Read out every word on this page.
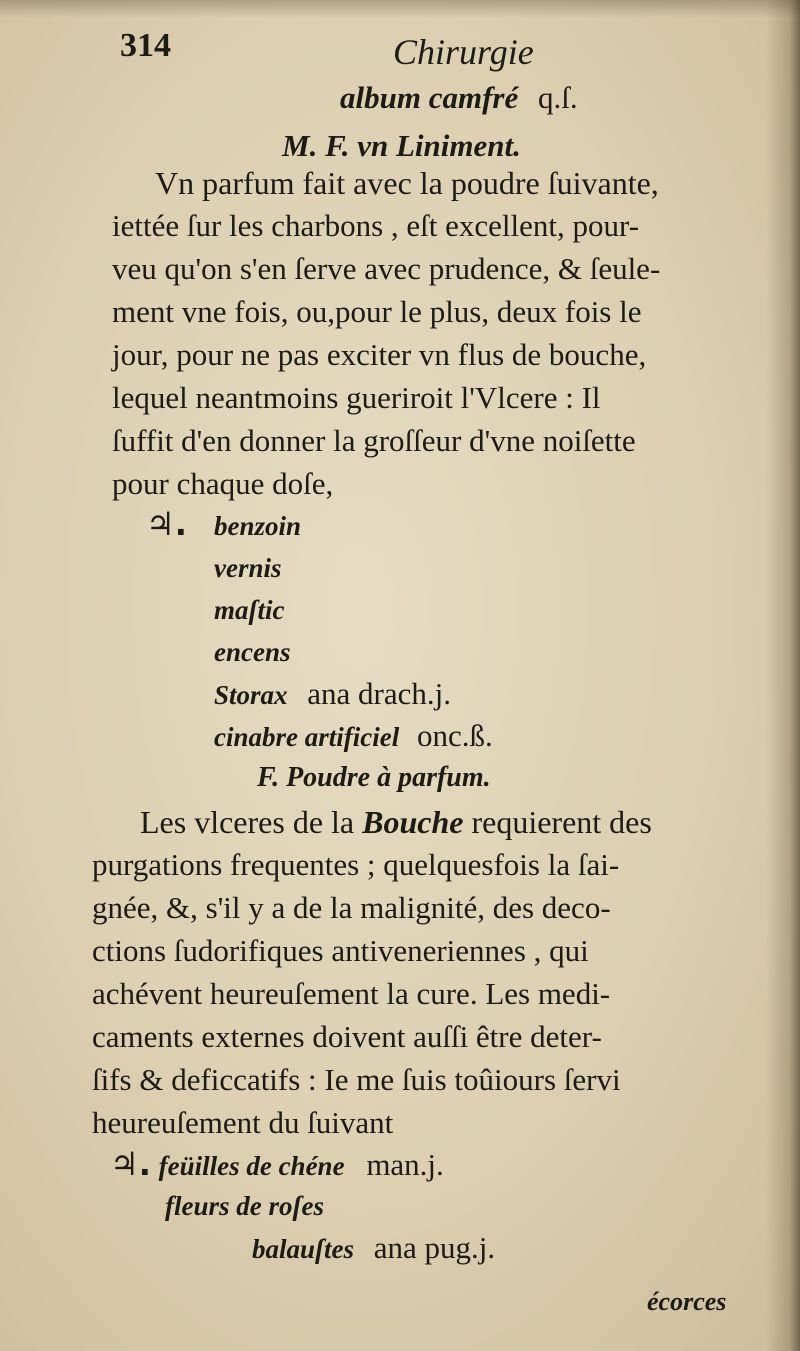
314	Chirurgie
album camfré q.ſ.
M. F. vn Liniment.
Vn parfum fait avec la poudre ſuivante,
iettée ſur les charbons , eſt excellent, pour-
veu qu'on s'en ſerve avec prudence, & ſeule-
ment vne fois, ou,pour le plus, deux fois le
jour, pour ne pas exciter vn flus de bouche,
lequel neantmoins gueriroit l'Vlcere : Il
ſuffit d'en donner la groſſeur d'vne noiſette
pour chaque doſe,
♃. benzoin
vernis
maſtic
encens
Storax ana drach.j.
cinabre artificiel onc.ß.
F. Poudre à parfum.
Les vlceres de la Bouche requierent des
purgations frequentes ; quelquesfois la ſai-
gnée, &, s'il y a de la malignité, des deco-
ctions ſudorifiques antiveneriennes , qui
achévent heureuſement la cure. Les medi-
caments externes doivent auſſi être deter-
ſifs & deficcatifs : Ie me ſuis toûiours ſervi
heureuſement du ſuivant
♃. feüilles de chéne man.j.
fleurs de roſes
balauſtes ana pug.j.
écorces
